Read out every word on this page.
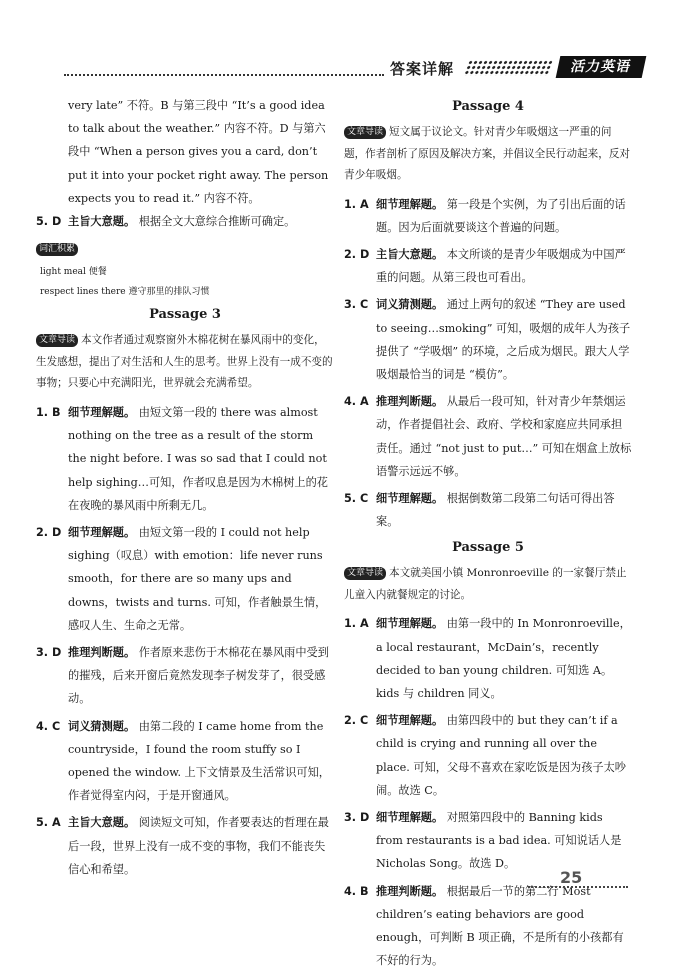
答案详解	活力英语

very late” 不符。B 与第三段中 “It’s a good idea to talk about the weather.” 内容不符。D 与第六段中 “When a person gives you a card, don’t put it into your pocket right away. The person expects you to read it.” 内容不符。

5. D 主旨大意题。 根据全文大意综合推断可确定。
词汇积累

light meal 便餐

respect lines there 遵守那里的排队习惯

Passage 3

文章导读 本文作者通过观察窗外木棉花树在暴风雨中的变化，生发感想，提出了对生活和人生的思考。世界上没有一成不变的事物；只要心中充满阳光，世界就会充满希望。

1. B 细节理解题。 由短文第一段的 there was almost nothing on the tree as a result of the storm the night before. I was so sad that I could not help sighing…可知，作者叹息是因为木棉树上的花在夜晚的暴风雨中所剩无几。
2. D 细节理解题。 由短文第一段的 I could not help sighing（叹息）with emotion：life never runs smooth，for there are so many ups and downs，twists and turns. 可知，作者触景生情，感叹人生、生命之无常。
3. D 推理判断题。 作者原来悲伤于木棉花在暴风雨中受到的摧残，后来开窗后竟然发现李子树发芽了，很受感动。
4. C 词义猜测题。 由第二段的 I came home from the countryside，I found the room stuffy so I opened the window. 上下文情景及生活常识可知，作者觉得室内闷，于是开窗通风。
5. A 主旨大意题。 阅读短文可知，作者要表达的哲理在最后一段，世界上没有一成不变的事物，我们不能丧失信心和希望。
Passage 4

文章导读 短文属于议论文。针对青少年吸烟这一严重的问题，作者剖析了原因及解决方案，并倡议全民行动起来，反对青少年吸烟。

1. A 细节理解题。 第一段是个实例，为了引出后面的话题。因为后面就要谈这个普遍的问题。
2. D 主旨大意题。 本文所谈的是青少年吸烟成为中国严重的问题。从第三段也可看出。
3. C 词义猜测题。 通过上两句的叙述 “They are used to seeing…smoking” 可知，吸烟的成年人为孩子提供了 “学吸烟” 的环境，之后成为烟民。跟大人学吸烟最恰当的词是 “模仿”。
4. A 推理判断题。 从最后一段可知，针对青少年禁烟运动，作者提倡社会、政府、学校和家庭应共同承担责任。通过 “not just to put…” 可知在烟盒上放标语警示远远不够。
5. C 细节理解题。 根据倒数第二段第二句话可得出答案。
Passage 5

文章导读 本文就美国小镇 Monronroeville 的一家餐厅禁止儿童入内就餐规定的讨论。

1. A 细节理解题。 由第一段中的 In Monronroeville，a local restaurant，McDain’s，recently decided to ban young children. 可知选 A。kids 与 children 同义。
2. C 细节理解题。 由第四段中的 but they can’t if a child is crying and running all over the place. 可知，父母不喜欢在家吃饭是因为孩子太吵闹。故选 C。
3. D 细节理解题。 对照第四段中的 Banning kids from restaurants is a bad idea. 可知说话人是 Nicholas Song。故选 D。
4. B 推理判断题。 根据最后一节的第二行 Most children’s eating behaviors are good enough，可判断 B 项正确，不是所有的小孩都有不好的行为。
25
